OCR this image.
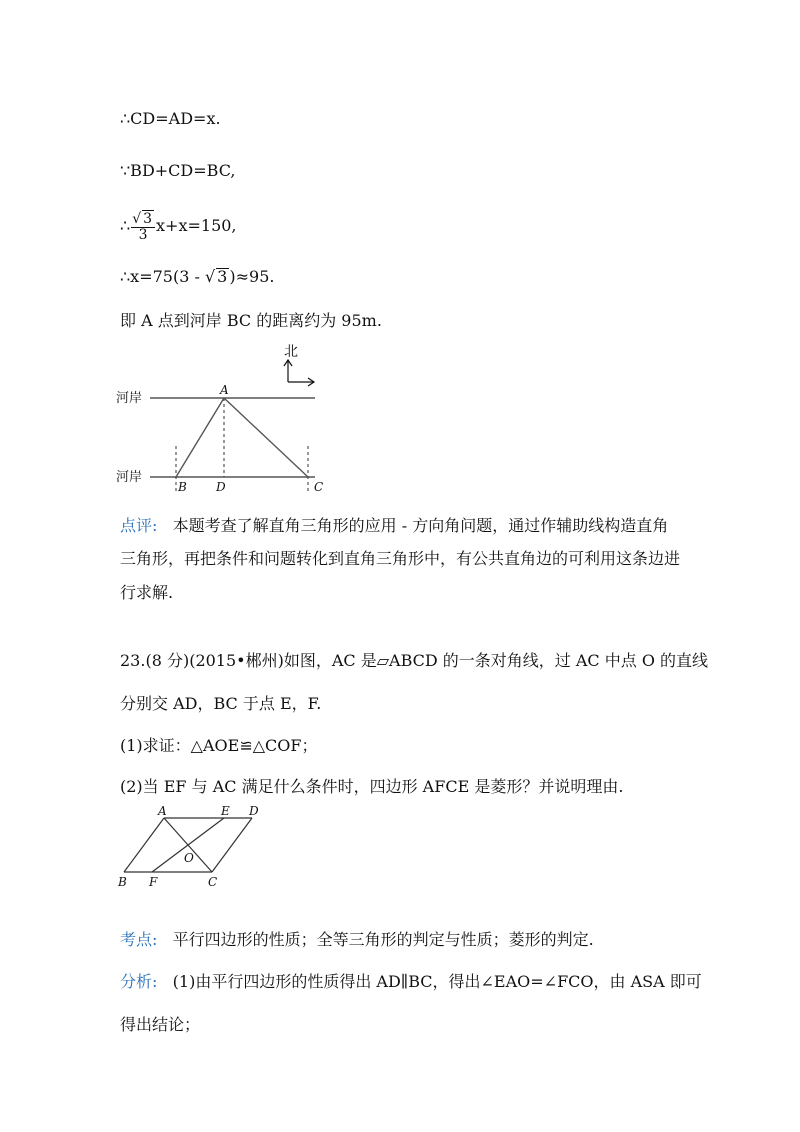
∴CD=AD=x.
∵BD+CD=BC,
∴ $\frac{√ 3}{3} x+x=150$,
∴x=75(3 - √ 3 )≈95.
即 A 点到河岸 BC 的距离约为 95m.
北
河岸
河岸
A
B D	C
点评: 本题考查了解直角三角形的应用 - 方向角问题，通过作辅助线构造直角
三角形，再把条件和问题转化到直角三角形中，有公共直角边的可利用这条边进
行求解.
23.(8 分)(2015•郴州)如图，AC 是▱ABCD 的一条对角线，过 AC 中点 O 的直线
分别交 AD，BC 于点 E，F.
(1)求证：△AOE≌△COF；
(2)当 EF 与 AC 满足什么条件时，四边形 AFCE 是菱形？并说明理由.
A	E D
O
B F	C
考点: 平行四边形的性质；全等三角形的判定与性质；菱形的判定.
分析: (1)由平行四边形的性质得出 AD∥BC，得出∠EAO=∠FCO，由 ASA 即可
得出结论；
